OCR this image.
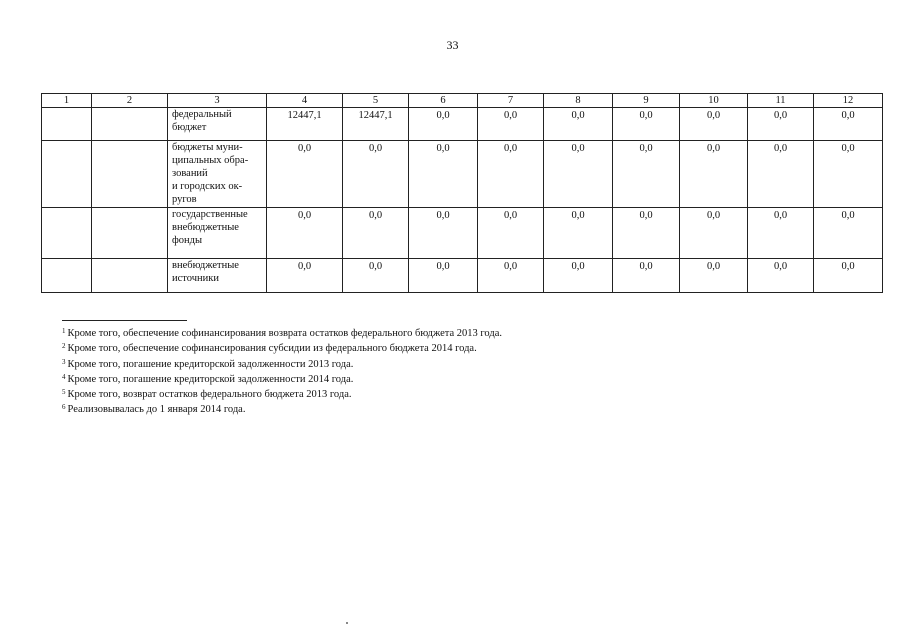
33
1	2	3	4	5	6	7	8	9	10	11	12
		федеральный
бюджет	12447,1	12447,1	0,0	0,0	0,0	0,0	0,0	0,0	0,0
		бюджеты муни-
ципальных обра-
зований
и городских ок-
ругов	0,0	0,0	0,0	0,0	0,0	0,0	0,0	0,0	0,0
		государственные
внебюджетные
фонды	0,0	0,0	0,0	0,0	0,0	0,0	0,0	0,0	0,0
		внебюджетные
источники	0,0	0,0	0,0	0,0	0,0	0,0	0,0	0,0	0,0
$^1$ Кроме того, обеспечение софинансирования возврата остатков федерального бюджета 2013 года.
$^2$ Кроме того, обеспечение софинансирования субсидии из федерального бюджета 2014 года.
$^3$ Кроме того, погашение кредиторской задолженности 2013 года.
$^4$ Кроме того, погашение кредиторской задолженности 2014 года.
$^5$ Кроме того, возврат остатков федерального бюджета 2013 года.
$^6$ Реализовывалась до 1 января 2014 года.
